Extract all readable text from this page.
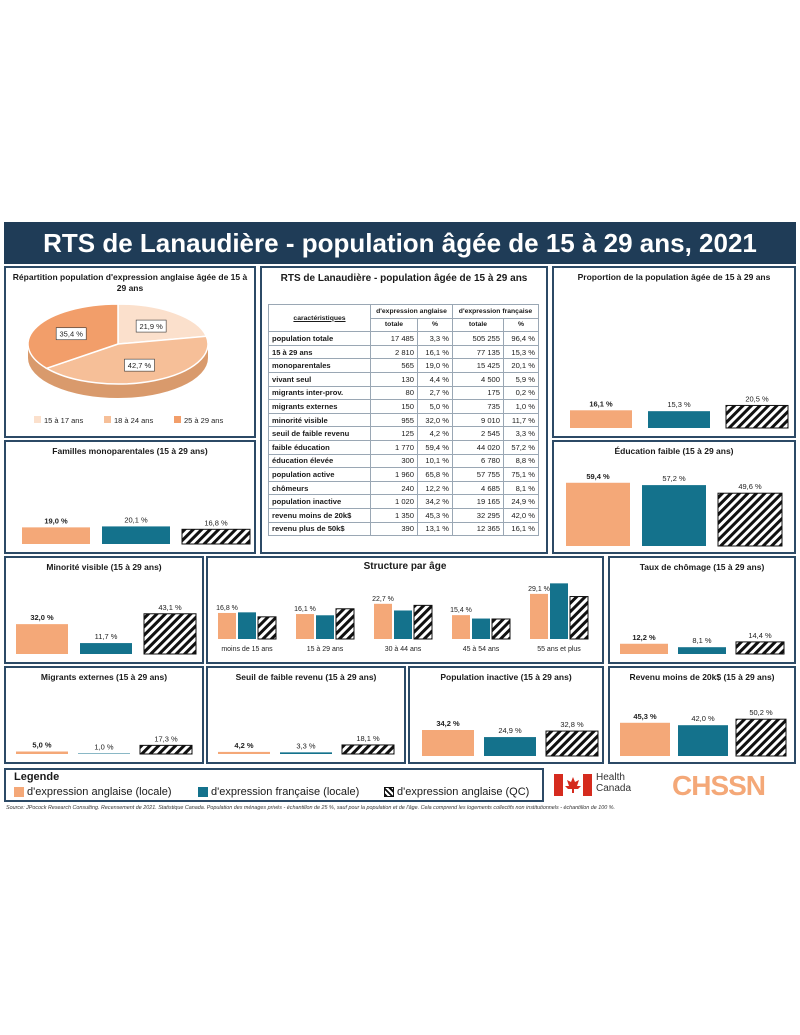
RTS de Lanaudière - population âgée de 15 à 29 ans, 2021
Répartition population d'expression anglaise âgée de 15 à 29 ans
21,9 %
42,7 %
35,4 %
15 à 17 ans	18 à 24 ans	25 à 29 ans
RTS de Lanaudière - population âgée de 15 à 29 ans
caractéristiques	d'expression anglaise		d'expression française	
	totale	%	totale	%
population totale	17 485	3,3 %	505 255	96,4 %
15 à 29 ans	2 810	16,1 %	77 135	15,3 %
monoparentales	565	19,0 %	15 425	20,1 %
vivant seul	130	4,4 %	4 500	5,9 %
migrants inter-prov.	80	2,7 %	175	0,2 %
migrants externes	150	5,0 %	735	1,0 %
minorité visible	955	32,0 %	9 010	11,7 %
seuil de faible revenu	125	4,2 %	2 545	3,3 %
faible éducation	1 770	59,4 %	44 020	57,2 %
éducation élevée	300	10,1 %	6 780	8,8 %
population active	1 960	65,8 %	57 755	75,1 %
chômeurs	240	12,2 %	4 685	8,1 %
population inactive	1 020	34,2 %	19 165	24,9 %
revenu moins de 20k$	1 350	45,3 %	32 295	42,0 %
revenu plus de 50k$	390	13,1 %	12 365	16,1 %
Proportion de la population âgée de 15 à 29 ans
16,1 %	15,3 %
20,5 %
Familles monoparentales (15 à 29 ans)
19,0 %	20,1 %	16,8 %
Éducation faible (15 à 29 ans)
59,4 %	57,2 %
49,6 %
Minorité visible (15 à 29 ans)
32,0 %
11,7 %
43,1 %
Structure par âge
16,8 %
moins de 15 ans
16,1 %
15 à 29 ans
22,7 %
30 à 44 ans
15,4 %
45 à 54 ans
29,1 %
55 ans et plus
Taux de chômage (15 à 29 ans)
12,2 %	8,1 %
14,4 %
Migrants externes (15 à 29 ans)
5,0 %	1,0 %
17,3 %
Seuil de faible revenu (15 à 29 ans)
4,2 %	3,3 %
18,1 %
Population inactive (15 à 29 ans)
34,2 %
24,9 %
32,8 %
Revenu moins de 20k$ (15 à 29 ans)
45,3 %	42,0 %
50,2 %
Legende
d'expression anglaise (locale)	d'expression française (locale)	d'expression anglaise (QC)
Health
Canada CHSSN
Source: JPocock Research Consulting. Recensement de 2021. Statistique Canada. Population des ménages privés - échantillon de 25 %, sauf pour la population et de l'âge. Cela comprend les logements collectifs non institutionnels - échantillon de 100 %.
